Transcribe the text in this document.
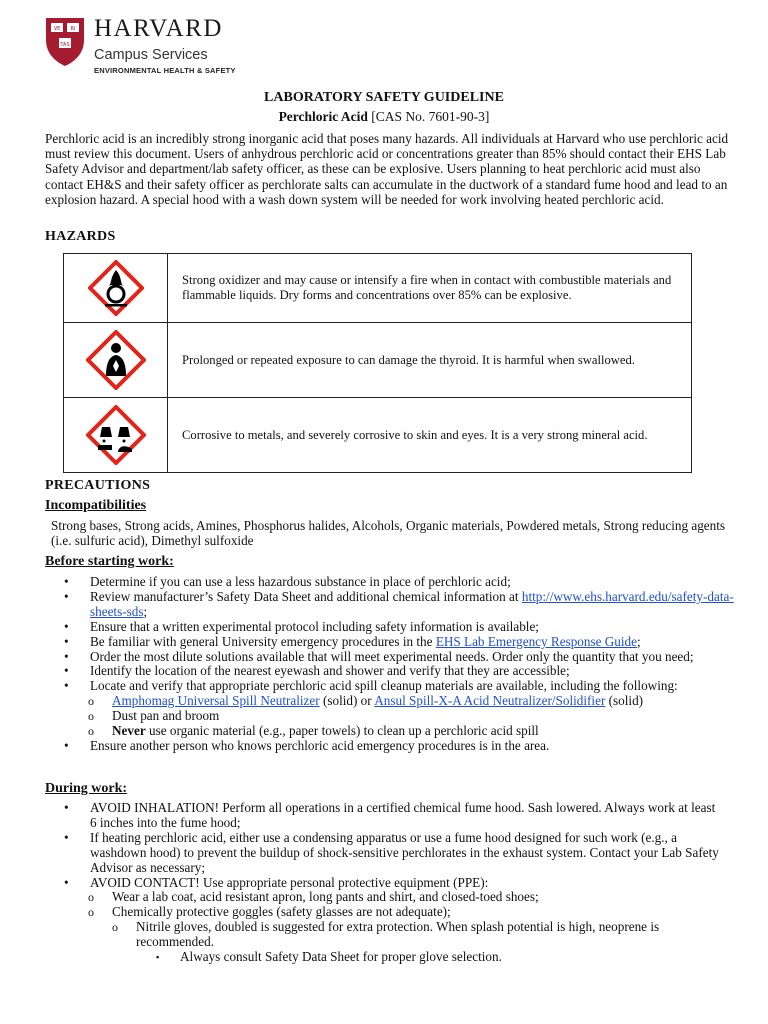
VE RI
TAS
HARVARD
Campus Services
ENVIRONMENTAL HEALTH & SAFETY
LABORATORY SAFETY GUIDELINE
Perchloric Acid [CAS No. 7601-90-3]
Perchloric acid is an incredibly strong inorganic acid that poses many hazards. All individuals at Harvard who use perchloric acid must review this document. Users of anhydrous perchloric acid or concentrations greater than 85% should contact their EHS Lab Safety Advisor and department/lab safety officer, as these can be explosive. Users planning to heat perchloric acid must also contact EH&S and their safety officer as perchlorate salts can accumulate in the ductwork of a standard fume hood and lead to an explosion hazard. A special hood with a wash down system will be needed for work involving heated perchloric acid.
HAZARDS
Strong oxidizer and may cause or intensify a fire when in contact with combustible materials and flammable liquids. Dry forms and concentrations over 85% can be explosive.
Prolonged or repeated exposure to can damage the thyroid. It is harmful when swallowed.
Corrosive to metals, and severely corrosive to skin and eyes. It is a very strong mineral acid.
PRECAUTIONS
Incompatibilities
Strong bases, Strong acids, Amines, Phosphorus halides, Alcohols, Organic materials, Powdered metals, Strong reducing agents (i.e. sulfuric acid), Dimethyl sulfoxide
Before starting work:
• Determine if you can use a less hazardous substance in place of perchloric acid;
• Review manufacturer’s Safety Data Sheet and additional chemical information at http://www.ehs.harvard.edu/safety-data-sheets-sds;
• Ensure that a written experimental protocol including safety information is available;
• Be familiar with general University emergency procedures in the EHS Lab Emergency Response Guide;
• Order the most dilute solutions available that will meet experimental needs. Order only the quantity that you need;
• Identify the location of the nearest eyewash and shower and verify that they are accessible;
• Locate and verify that appropriate perchloric acid spill cleanup materials are available, including the following:
o Amphomag Universal Spill Neutralizer (solid) or Ansul Spill-X-A Acid Neutralizer/Solidifier (solid)
o Dust pan and broom
o Never use organic material (e.g., paper towels) to clean up a perchloric acid spill
• Ensure another person who knows perchloric acid emergency procedures is in the area.
During work:
• AVOID INHALATION! Perform all operations in a certified chemical fume hood. Sash lowered. Always work at least 6 inches into the fume hood;
• If heating perchloric acid, either use a condensing apparatus or use a fume hood designed for such work (e.g., a washdown hood) to prevent the buildup of shock-sensitive perchlorates in the exhaust system. Contact your Lab Safety Advisor as necessary;
• AVOID CONTACT! Use appropriate personal protective equipment (PPE):
o Wear a lab coat, acid resistant apron, long pants and shirt, and closed-toed shoes;
o Chemically protective goggles (safety glasses are not adequate);
o Nitrile gloves, doubled is suggested for extra protection. When splash potential is high, neoprene is recommended.
▪ Always consult Safety Data Sheet for proper glove selection.
